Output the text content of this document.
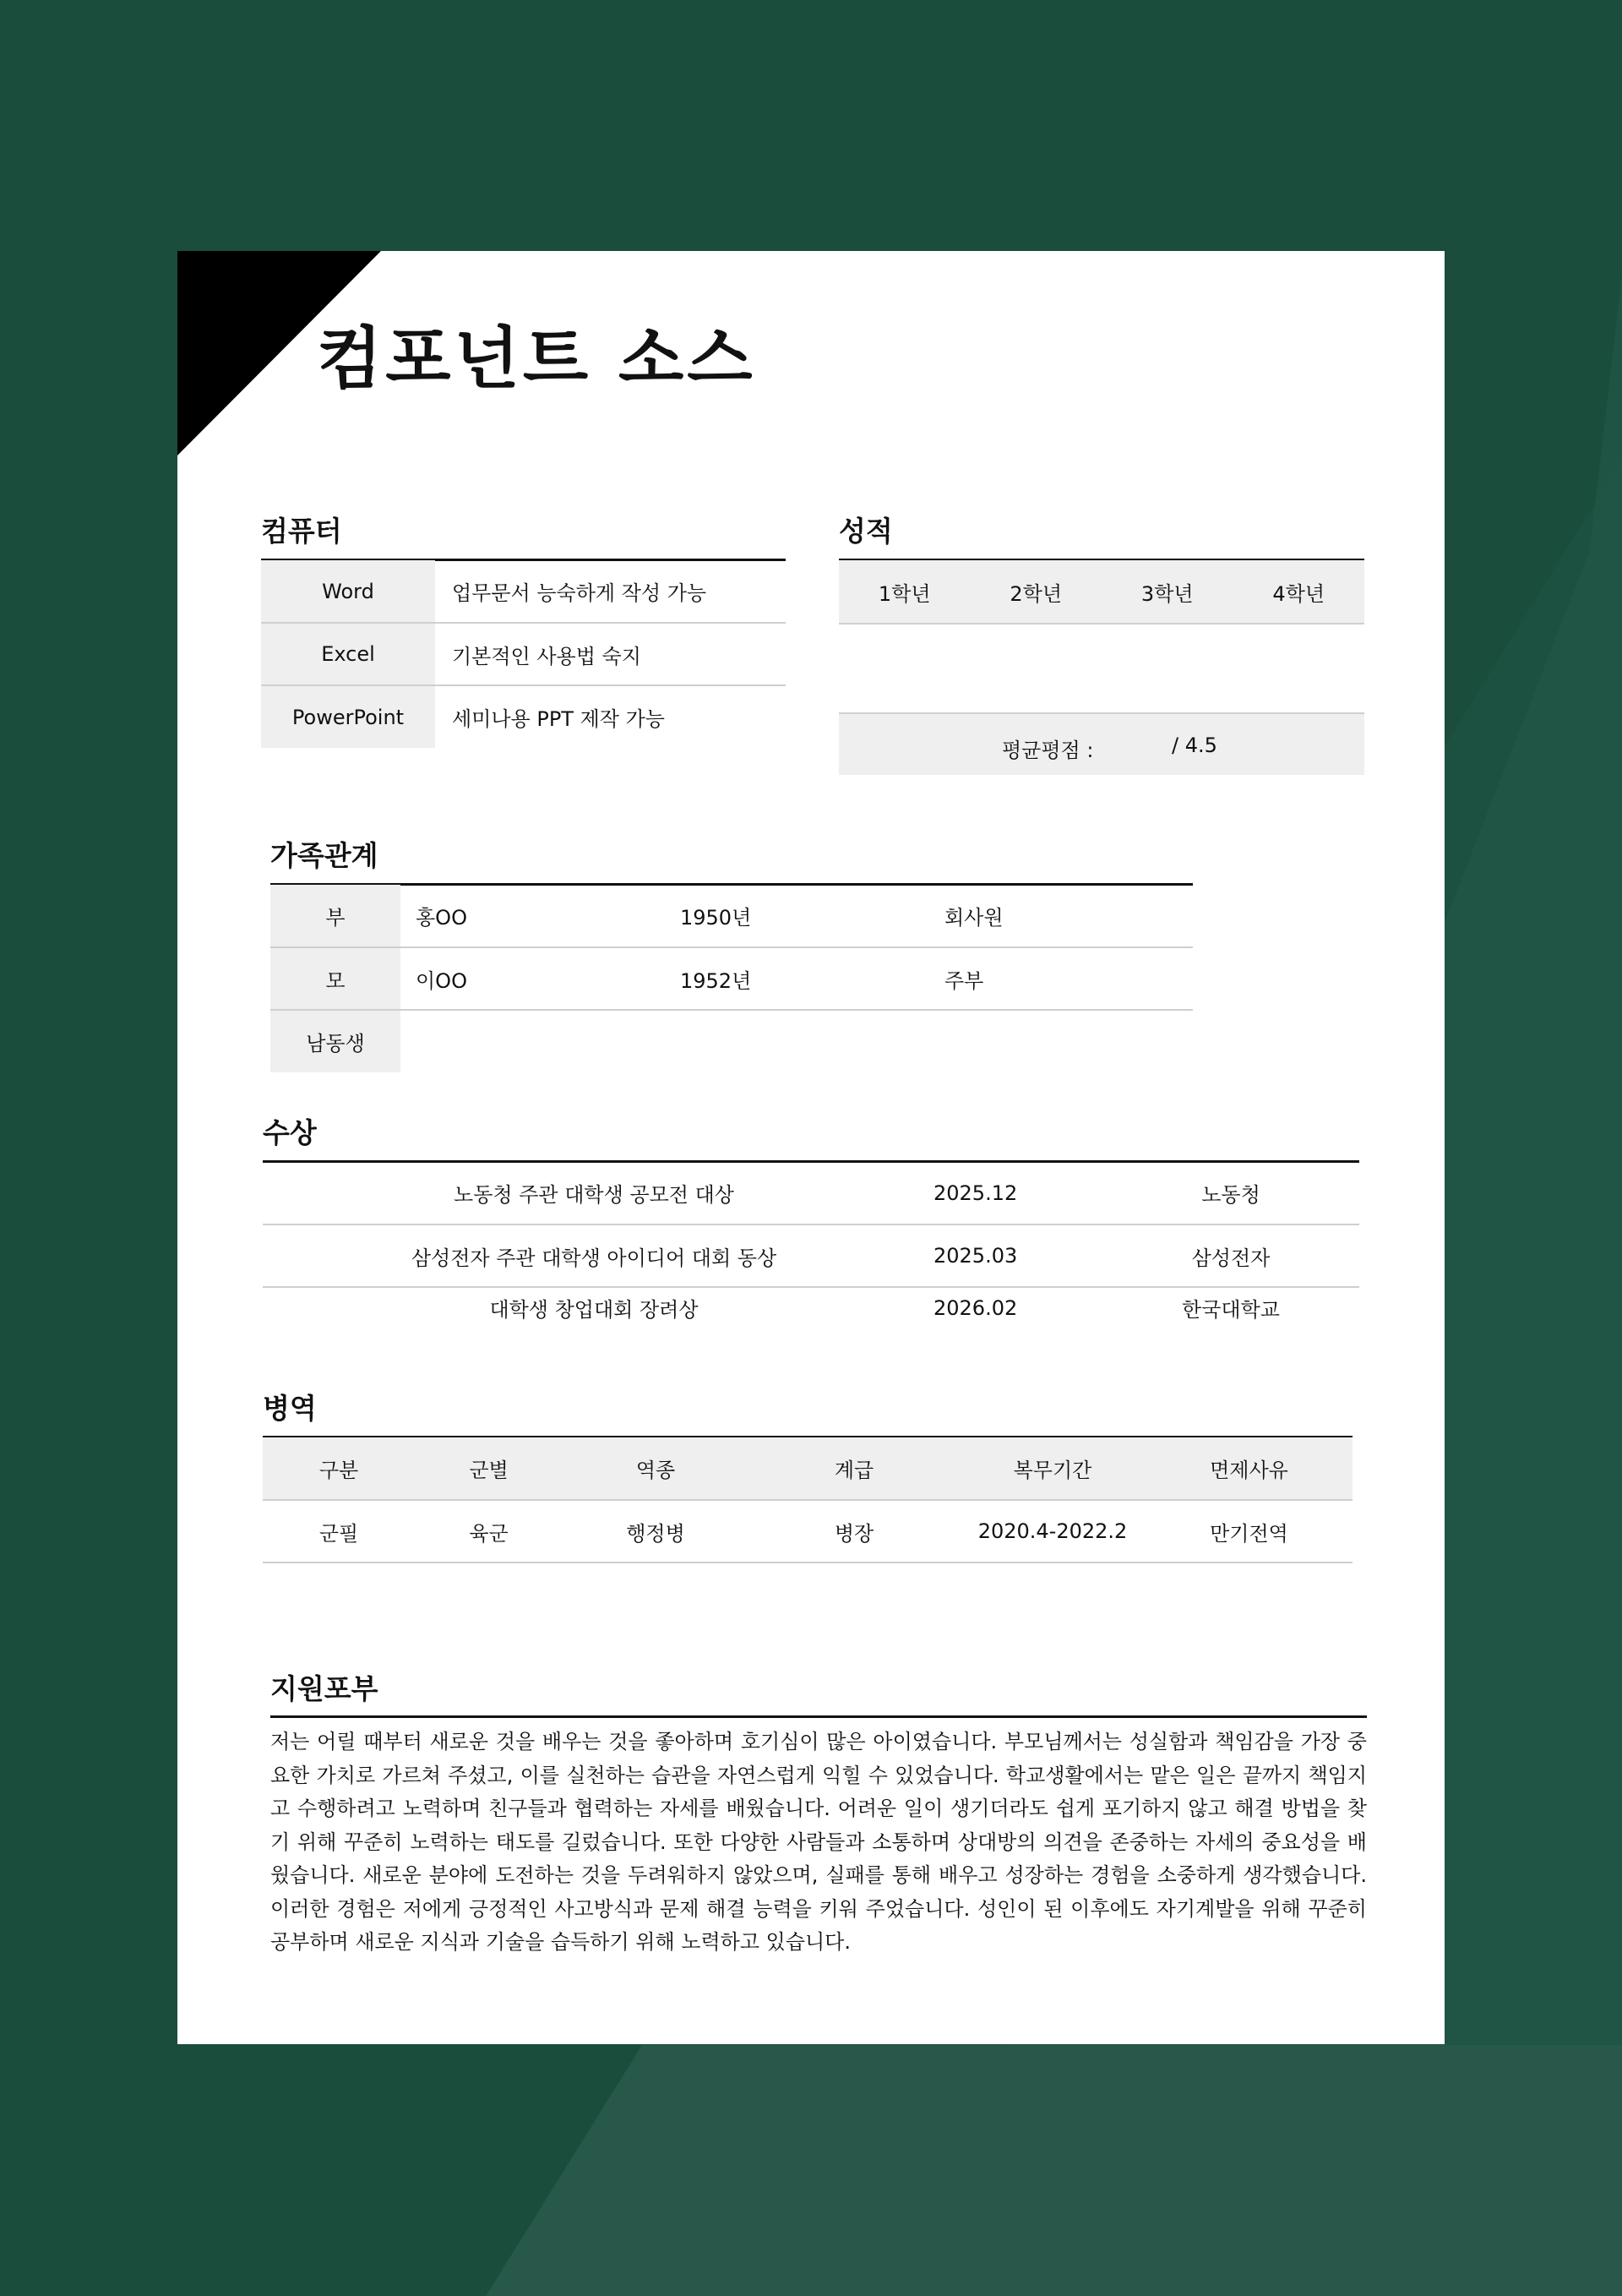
컴포넌트 소스
컴퓨터
Word	업무문서 능숙하게 작성 가능
Excel	기본적인 사용법 숙지
PowerPoint	세미나용 PPT 제작 가능
성적
1학년	2학년	3학년	4학년
평균평점 :	/ 4.5
가족관계
부	홍OO	1950년	회사원
모	이OO	1952년	주부
남동생			
수상
노동청 주관 대학생 공모전 대상	2025.12	노동청
삼성전자 주관 대학생 아이디어 대회 동상	2025.03	삼성전자
대학생 창업대회 장려상	2026.02	한국대학교
병역
구분	군별	역종	계급	복무기간	면제사유
군필	육군	행정병	병장	2020.4-2022.2	만기전역
지원포부

저는 어릴 때부터 새로운 것을 배우는 것을 좋아하며 호기심이 많은 아이였습니다. 부모님께서는 성실함과 책임감을 가장 중요한 가치로 가르쳐 주셨고, 이를 실천하는 습관을 자연스럽게 익힐 수 있었습니다. 학교생활에서는 맡은 일은 끝까지 책임지고 수행하려고 노력하며 친구들과 협력하는 자세를 배웠습니다. 어려운 일이 생기더라도 쉽게 포기하지 않고 해결 방법을 찾기 위해 꾸준히 노력하는 태도를 길렀습니다. 또한 다양한 사람들과 소통하며 상대방의 의견을 존중하는 자세의 중요성을 배웠습니다. 새로운 분야에 도전하는 것을 두려워하지 않았으며, 실패를 통해 배우고 성장하는 경험을 소중하게 생각했습니다. 이러한 경험은 저에게 긍정적인 사고방식과 문제 해결 능력을 키워 주었습니다. 성인이 된 이후에도 자기계발을 위해 꾸준히 공부하며 새로운 지식과 기술을 습득하기 위해 노력하고 있습니다.
